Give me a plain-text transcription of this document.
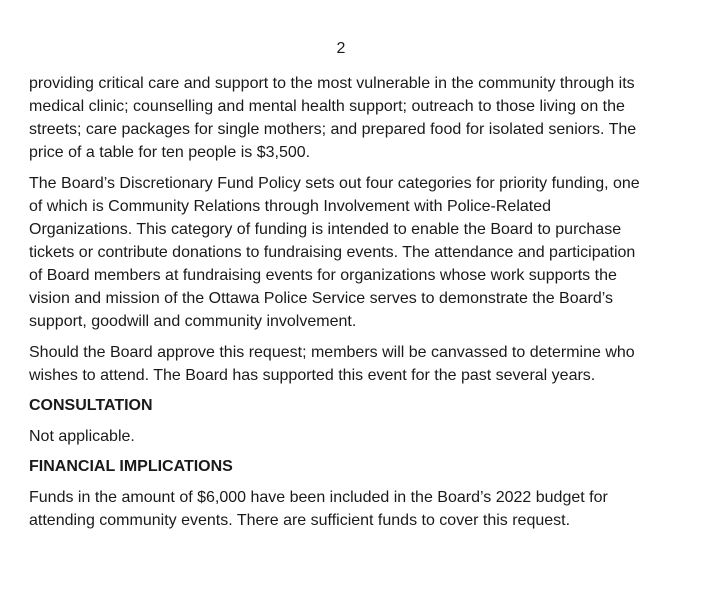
2

providing critical care and support to the most vulnerable in the community through its
medical clinic; counselling and mental health support; outreach to those living on the
streets; care packages for single mothers; and prepared food for isolated seniors. The
price of a table for ten people is $3,500.

The Board’s Discretionary Fund Policy sets out four categories for priority funding, one
of which is Community Relations through Involvement with Police-Related
Organizations. This category of funding is intended to enable the Board to purchase
tickets or contribute donations to fundraising events. The attendance and participation
of Board members at fundraising events for organizations whose work supports the
vision and mission of the Ottawa Police Service serves to demonstrate the Board’s
support, goodwill and community involvement.

Should the Board approve this request; members will be canvassed to determine who
wishes to attend. The Board has supported this event for the past several years.

CONSULTATION

Not applicable.

FINANCIAL IMPLICATIONS

Funds in the amount of $6,000 have been included in the Board’s 2022 budget for
attending community events. There are sufficient funds to cover this request.
